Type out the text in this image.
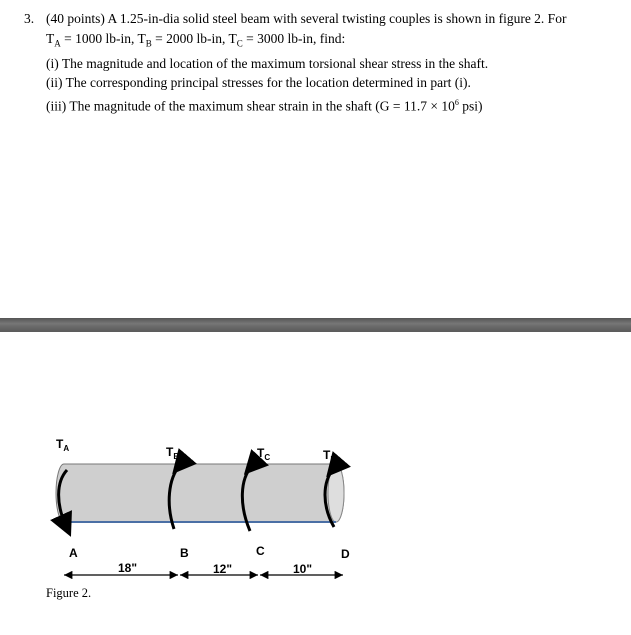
3. (40 points) A 1.25-in-dia solid steel beam with several twisting couples is shown in figure 2. For
$T_A = 1000$ lb-in, $T_B = 2000$ lb-in, $T_C = 3000$ lb-in, find:
(i) The magnitude and location of the maximum torsional shear stress in the shaft.
(ii) The corresponding principal stresses for the location determined in part (i).
(iii) The magnitude of the maximum shear strain in the shaft ($G = 11.7 \times 10^6$ psi)
$T_A$	$T_B$	$T_C$	$T_D$
A	B	C	D
18"	12"	10"
Figure 2.
